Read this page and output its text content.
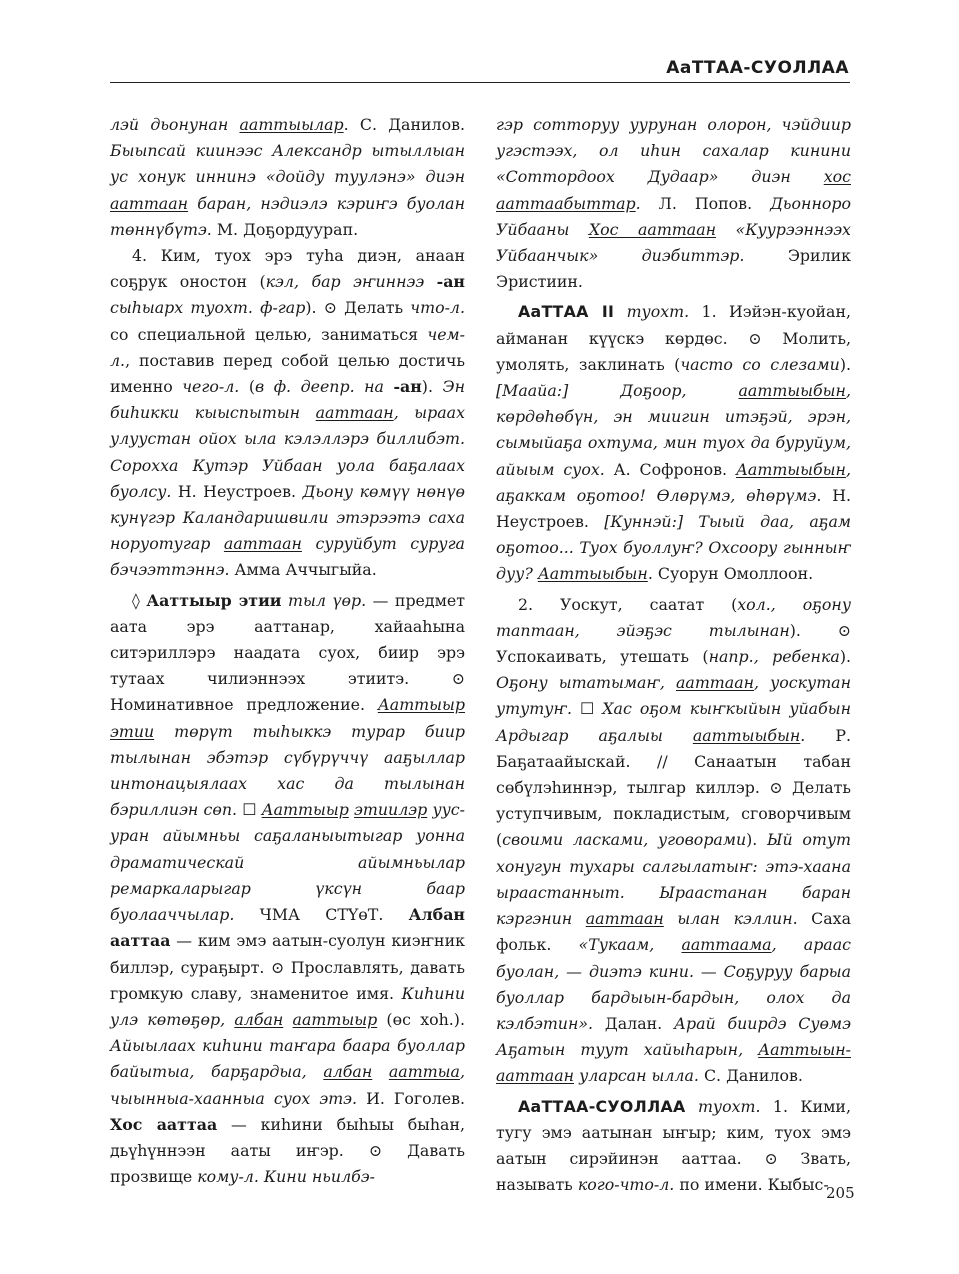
АаТТАА-СУОЛЛАА

лэй дьонунан ааттыылар. С. Данилов. Быыпсай киинээс Александр ытыллыан ус хонук иннинэ «дойду туулэнэ» диэн ааттаан баран, нэдиэлэ кэриҥэ буолан төннүбүтэ. М. Доҕордуурап.

4. Ким, туох эрэ туһа диэн, анаан соҕрук оностон (кэл, бар эҥиннээ -ан сыһыарх туохт. ф-гар). ⊙ Делать что-л. со специальной целью, заниматься чем-л., поставив перед собой целью достичь именно чего-л. (в ф. деепр. на -ан). Эн биһикки кыыспытын ааттаан, ыраах улуустан ойох ыла кэлэллэрэ биллибэт. Сорохха Кутэр Уйбаан уола баҕалаах буолсу. Н. Неустроев. Дьону көмүү нөнүө кунүгэр Каландаришвили этэрээтэ саха норуотугар ааттаан суруйбут суруга бэчээттэннэ. Амма Аччыгыйа.

◊ Ааттыыр этии тыл үөр. — предмет аата эрэ ааттанар, хайааһына ситэриллэрэ наадата суох, биир эрэ тутаах чилиэннээх этиитэ. ⊙ Номинативное предложение. Ааттыыр этии төрүт тыһыккэ турар биир тылынан эбэтэр сүбүрүччү ааҕыллар интонацыялаах хас да тылынан бэриллиэн сөп. ☐ Ааттыыр этиилэр уус-уран айымньы саҕаланыытыгар уонна драматическай айымньылар ремаркаларыгар үксүн баар буолааччылар. ЧМА СТҮөТ. Албан ааттаа — ким эмэ аатын-суолун киэҥник биллэр, сураҕырт. ⊙ Прославлять, давать громкую славу, знаменитое имя. Киһини улэ көтөҕөр, албан ааттыыр (өс хоһ.). Айыылаах киһини таҥара баара буоллар байытыа, барҕардыа, албан ааттыа, чыынныа-хаанныа суох этэ. И. Гоголев. Хос ааттаа — киһини быһыы быһан, дьүһүннээн ааты иҥэр. ⊙ Давать прозвище кому-л. Кини ньилбэ-

гэр сотторуу уурунан олорон, чэйдиир угэстээх, ол иһин сахалар кинини «Соттордоох Дудаар» диэн хос ааттаабыттар. Л. Попов. Дьонноро Уйбааны Хос ааттаан «Куурээннээх Уйбаанчык» диэбиттэр. Эрилик Эристиин.

АаТТАА II туохт. 1. Иэйэн-куойан, айманан күүскэ көрдөс. ⊙ Молить, умолять, заклинать (часто со слезами). [Маайа:] Доҕоор, ааттыыбын, көрдөһөбүн, эн миигин итэҕэй, эрэн, сымыйаҕа охтума, мин туох да буруйум, айыым суох. А. Софронов. Ааттыыбын, аҕаккам оҕотоо! Өлөрүмэ, өһөрүмэ. Н. Неустроев. [Куннэй:] Тыый даа, аҕам оҕотоо... Туох буоллуҥ? Охсоору гынныҥ дуу? Ааттыыбын. Суорун Омоллоон.

2. Уоскут, саатат (хол., оҕону таптаан, эйэҕэс тылынан). ⊙ Успокаивать, утешать (напр., ребенка). Оҕону ытатымаҥ, ааттаан, уоскутан утутуҥ. ☐ Хас оҕом кыҥкыйын уйабын Ардыгар аҕалыы ааттыыбын. Р. Баҕатаайыскай. // Санаатын табан сөбүлэһиннэр, тылгар киллэр. ⊙ Делать уступчивым, покладистым, сговорчивым (своими ласками, уговорами). Ый отут хонугун тухары салгылатыҥ: этэ-хаана ыраастанныт. Ыраастанан баран кэргэнин ааттаан ылан кэллин. Саха фольк. «Тукаам, ааттаама, араас буолан, — диэтэ кини. — Соҕуруу барыа буоллар бардыын-бардын, олох да кэлбэтин». Далан. Арай биирдэ Суөмэ Аҕатын туут хайыһарын, Ааттыын-ааттаан уларсан ылла. С. Данилов.

АаТТАА-СУОЛЛАА туохт. 1. Кими, тугу эмэ аатынан ыҥыр; ким, туох эмэ аатын сирэйинэн ааттаа. ⊙ Звать, называть кого-что-л. по имени. Кыбыс-

205
